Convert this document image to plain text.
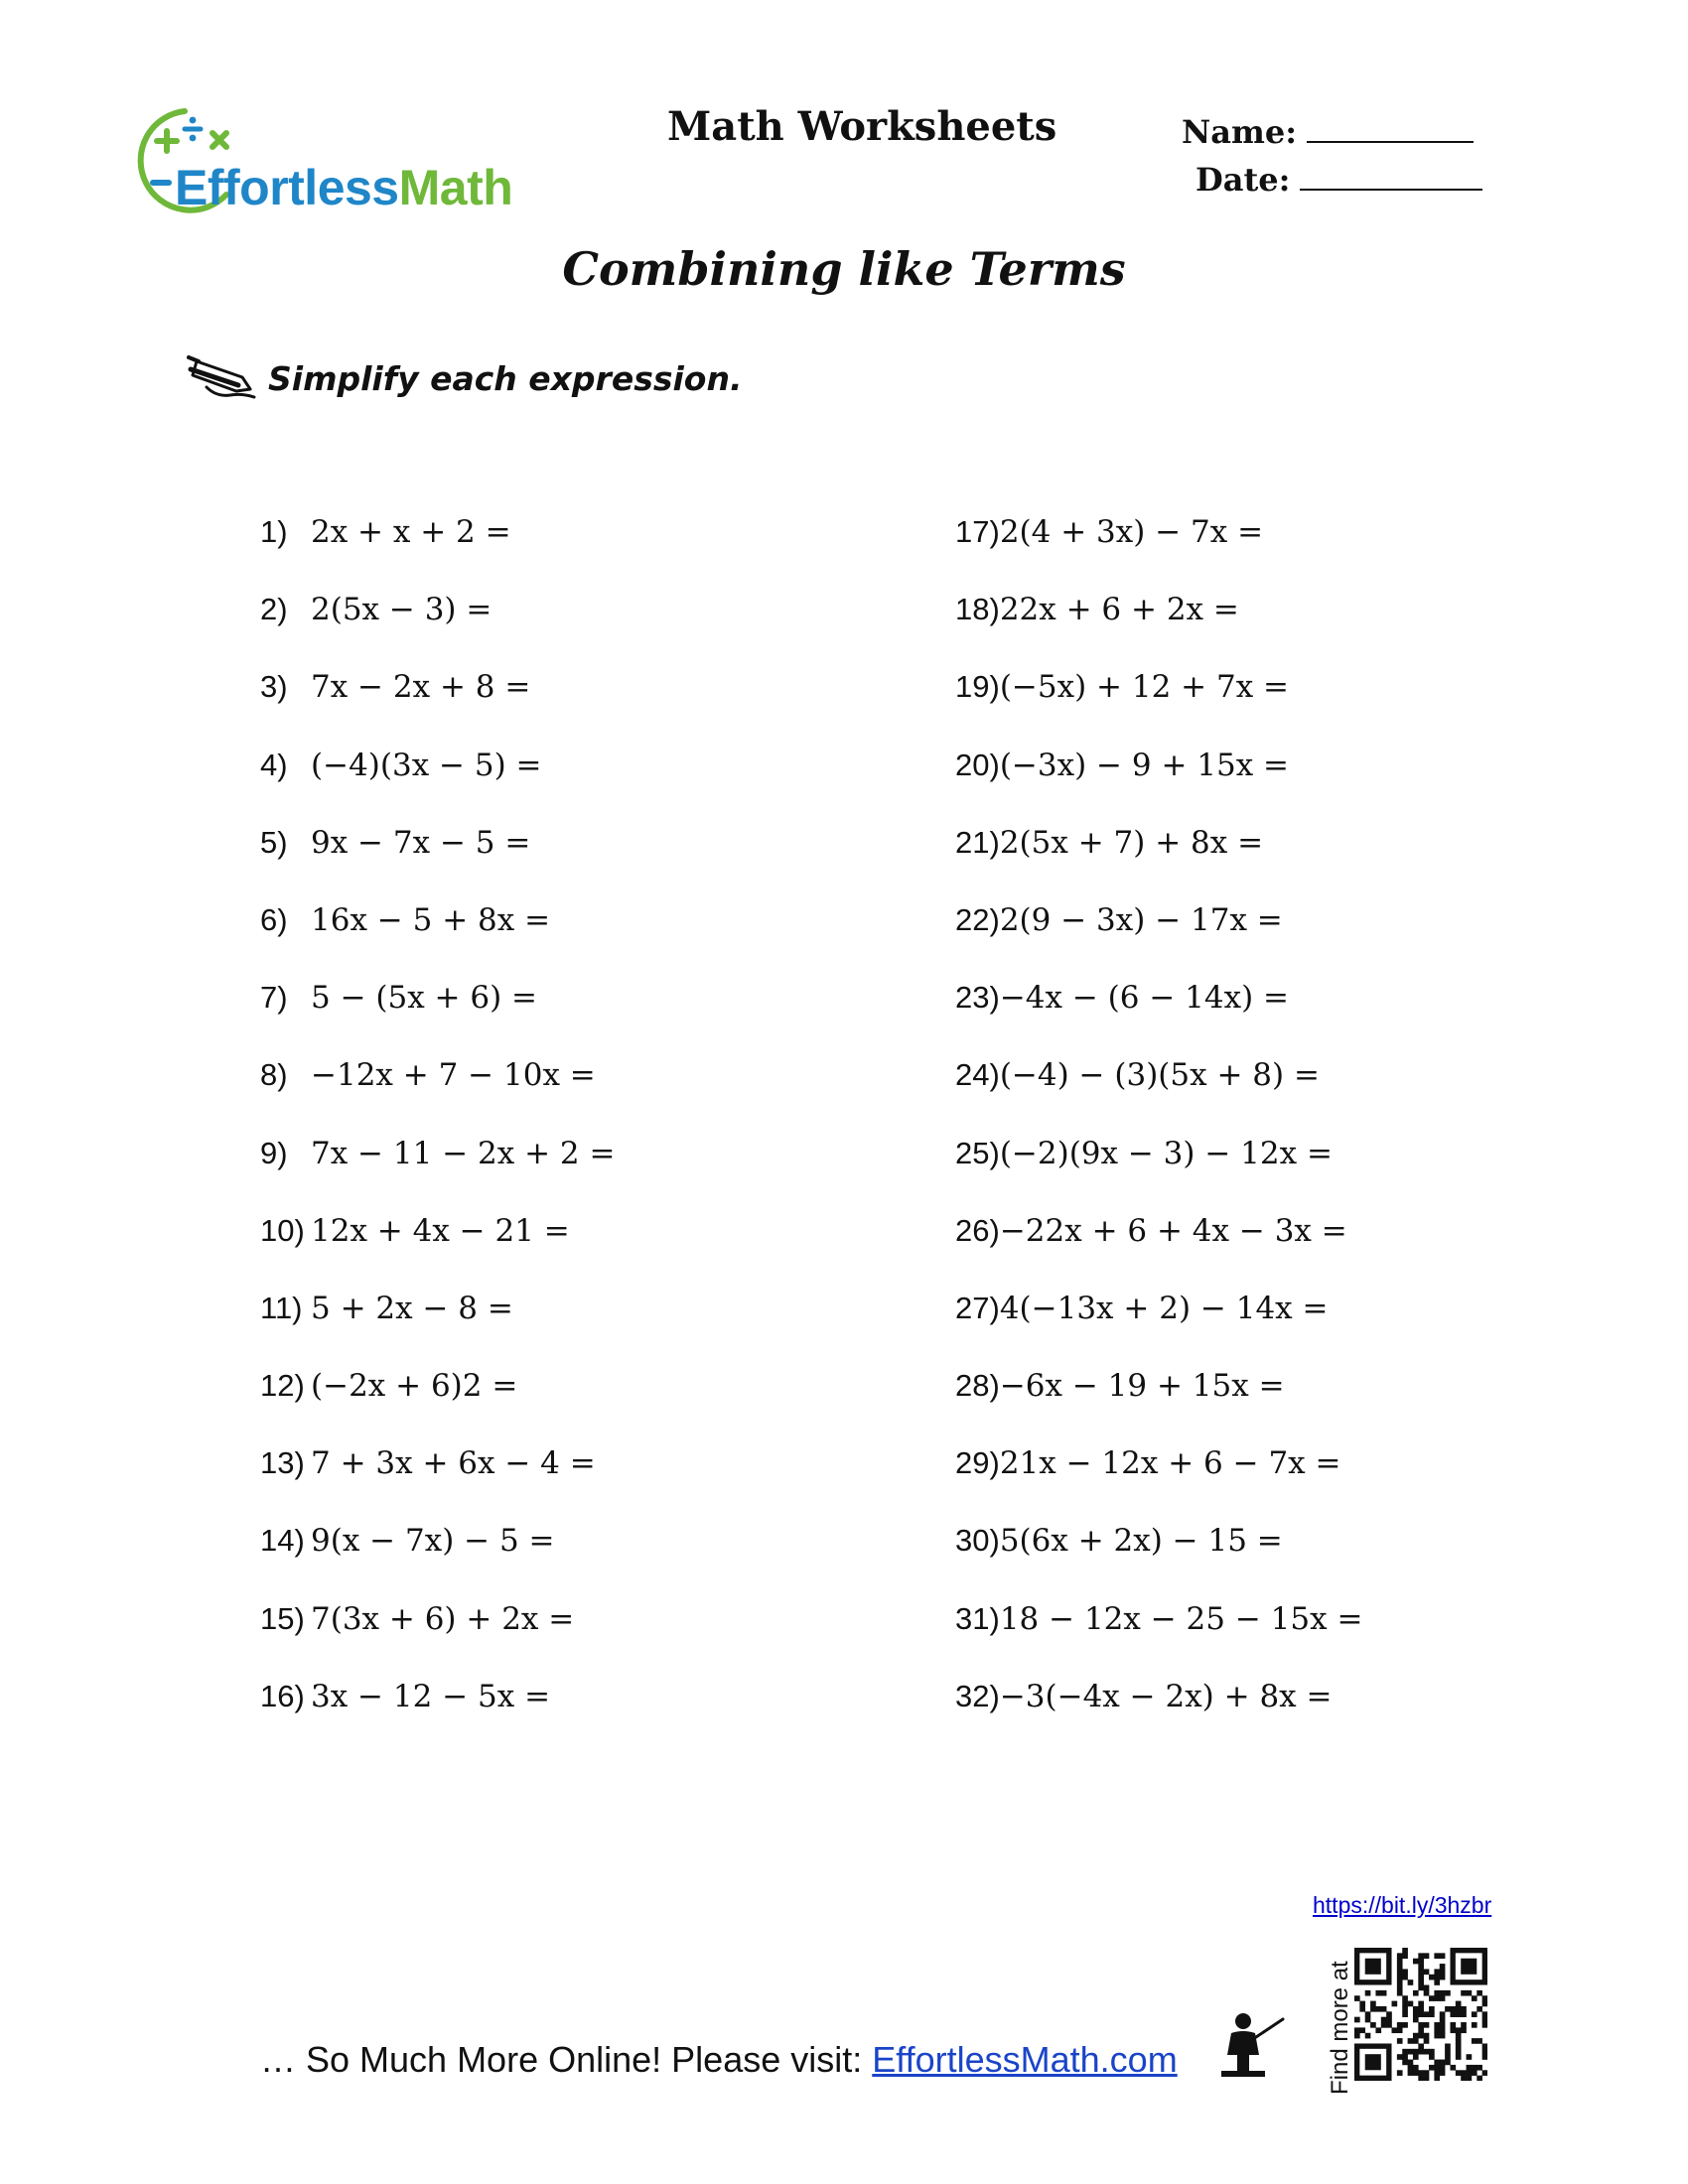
EffortlessMath
Math Worksheets	Name:
Date:
Combining like Terms
Simplify each expression.
1) 2x + x + 2 =
2) 2(5x − 3) =
3) 7x − 2x + 8 =
4) (−4)(3x − 5) =
5) 9x − 7x − 5 =
6) 16x − 5 + 8x =
7) 5 − (5x + 6) =
8) −12x + 7 − 10x =
9) 7x − 11 − 2x + 2 =
10) 12x + 4x − 21 =
11) 5 + 2x − 8 =
12) (−2x + 6)2 =
13) 7 + 3x + 6x − 4 =
14) 9(x − 7x) − 5 =
15) 7(3x + 6) + 2x =
16) 3x − 12 − 5x =
17)2(4 + 3x) − 7x =
18)22x + 6 + 2x =
19)(−5x) + 12 + 7x =
20)(−3x) − 9 + 15x =
21)2(5x + 7) + 8x =
22)2(9 − 3x) − 17x =
23)−4x − (6 − 14x) =
24)(−4) − (3)(5x + 8) =
25)(−2)(9x − 3) − 12x =
26)−22x + 6 + 4x − 3x =
27)4(−13x + 2) − 14x =
28)−6x − 19 + 15x =
29)21x − 12x + 6 − 7x =
30)5(6x + 2x) − 15 =
31)18 − 12x − 25 − 15x =
32)−3(−4x − 2x) + 8x =
https://bit.ly/3hzbr
… So Much More Online! Please visit: EffortlessMath.com	Find more at
